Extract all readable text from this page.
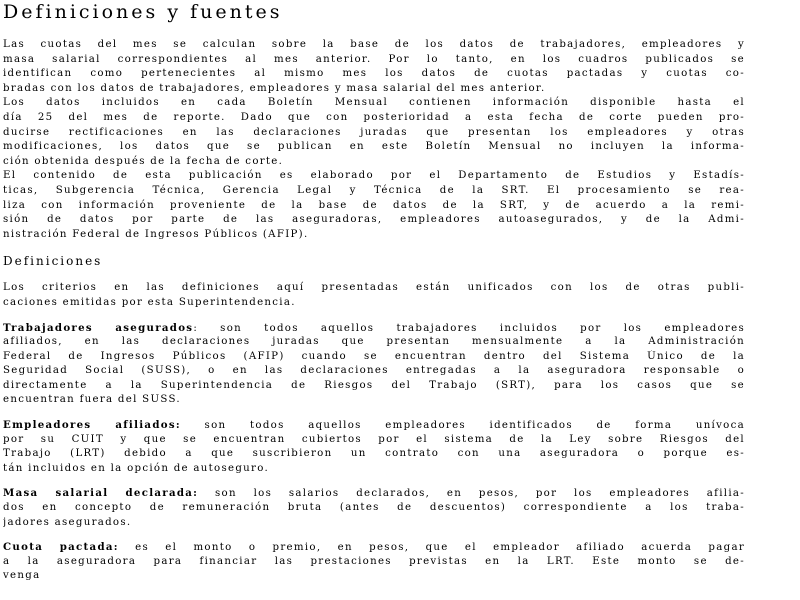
Definiciones y fuentes
Las cuotas del mes se calculan sobre la base de los datos de trabajadores, empleadores y
masa salarial correspondientes al mes anterior. Por lo tanto, en los cuadros publicados se
identifican como pertenecientes al mismo mes los datos de cuotas pactadas y cuotas co-
bradas con los datos de trabajadores, empleadores y masa salarial del mes anterior.
Los datos incluidos en cada Boletín Mensual contienen información disponible hasta el
día 25 del mes de reporte. Dado que con posterioridad a esta fecha de corte pueden pro-
ducirse rectificaciones en las declaraciones juradas que presentan los empleadores y otras
modificaciones, los datos que se publican en este Boletín Mensual no incluyen la informa-
ción obtenida después de la fecha de corte.
El contenido de esta publicación es elaborado por el Departamento de Estudios y Estadís-
ticas, Subgerencia Técnica, Gerencia Legal y Técnica de la SRT. El procesamiento se rea-
liza con información proveniente de la base de datos de la SRT, y de acuerdo a la remi-
sión de datos por parte de las aseguradoras, empleadores autoasegurados, y de la Admi-
nistración Federal de Ingresos Públicos (AFIP).
Definiciones
Los criterios en las definiciones aquí presentadas están unificados con los de otras publi-
caciones emitidas por esta Superintendencia.
Trabajadores asegurados: son todos aquellos trabajadores incluidos por los empleadores
afiliados, en las declaraciones juradas que presentan mensualmente a la Administración
Federal de Ingresos Públicos (AFIP) cuando se encuentran dentro del Sistema Único de la
Seguridad Social (SUSS), o en las declaraciones entregadas a la aseguradora responsable o
directamente a la Superintendencia de Riesgos del Trabajo (SRT), para los casos que se
encuentran fuera del SUSS.
Empleadores afiliados: son todos aquellos empleadores identificados de forma unívoca
por su CUIT y que se encuentran cubiertos por el sistema de la Ley sobre Riesgos del
Trabajo (LRT) debido a que suscribieron un contrato con una aseguradora o porque es-
tán incluidos en la opción de autoseguro.
Masa salarial declarada: son los salarios declarados, en pesos, por los empleadores afilia-
dos en concepto de remuneración bruta (antes de descuentos) correspondiente a los traba-
jadores asegurados.
Cuota pactada: es el monto o premio, en pesos, que el empleador afiliado acuerda pagar
a la aseguradora para financiar las prestaciones previstas en la LRT. Este monto se de-
venga
